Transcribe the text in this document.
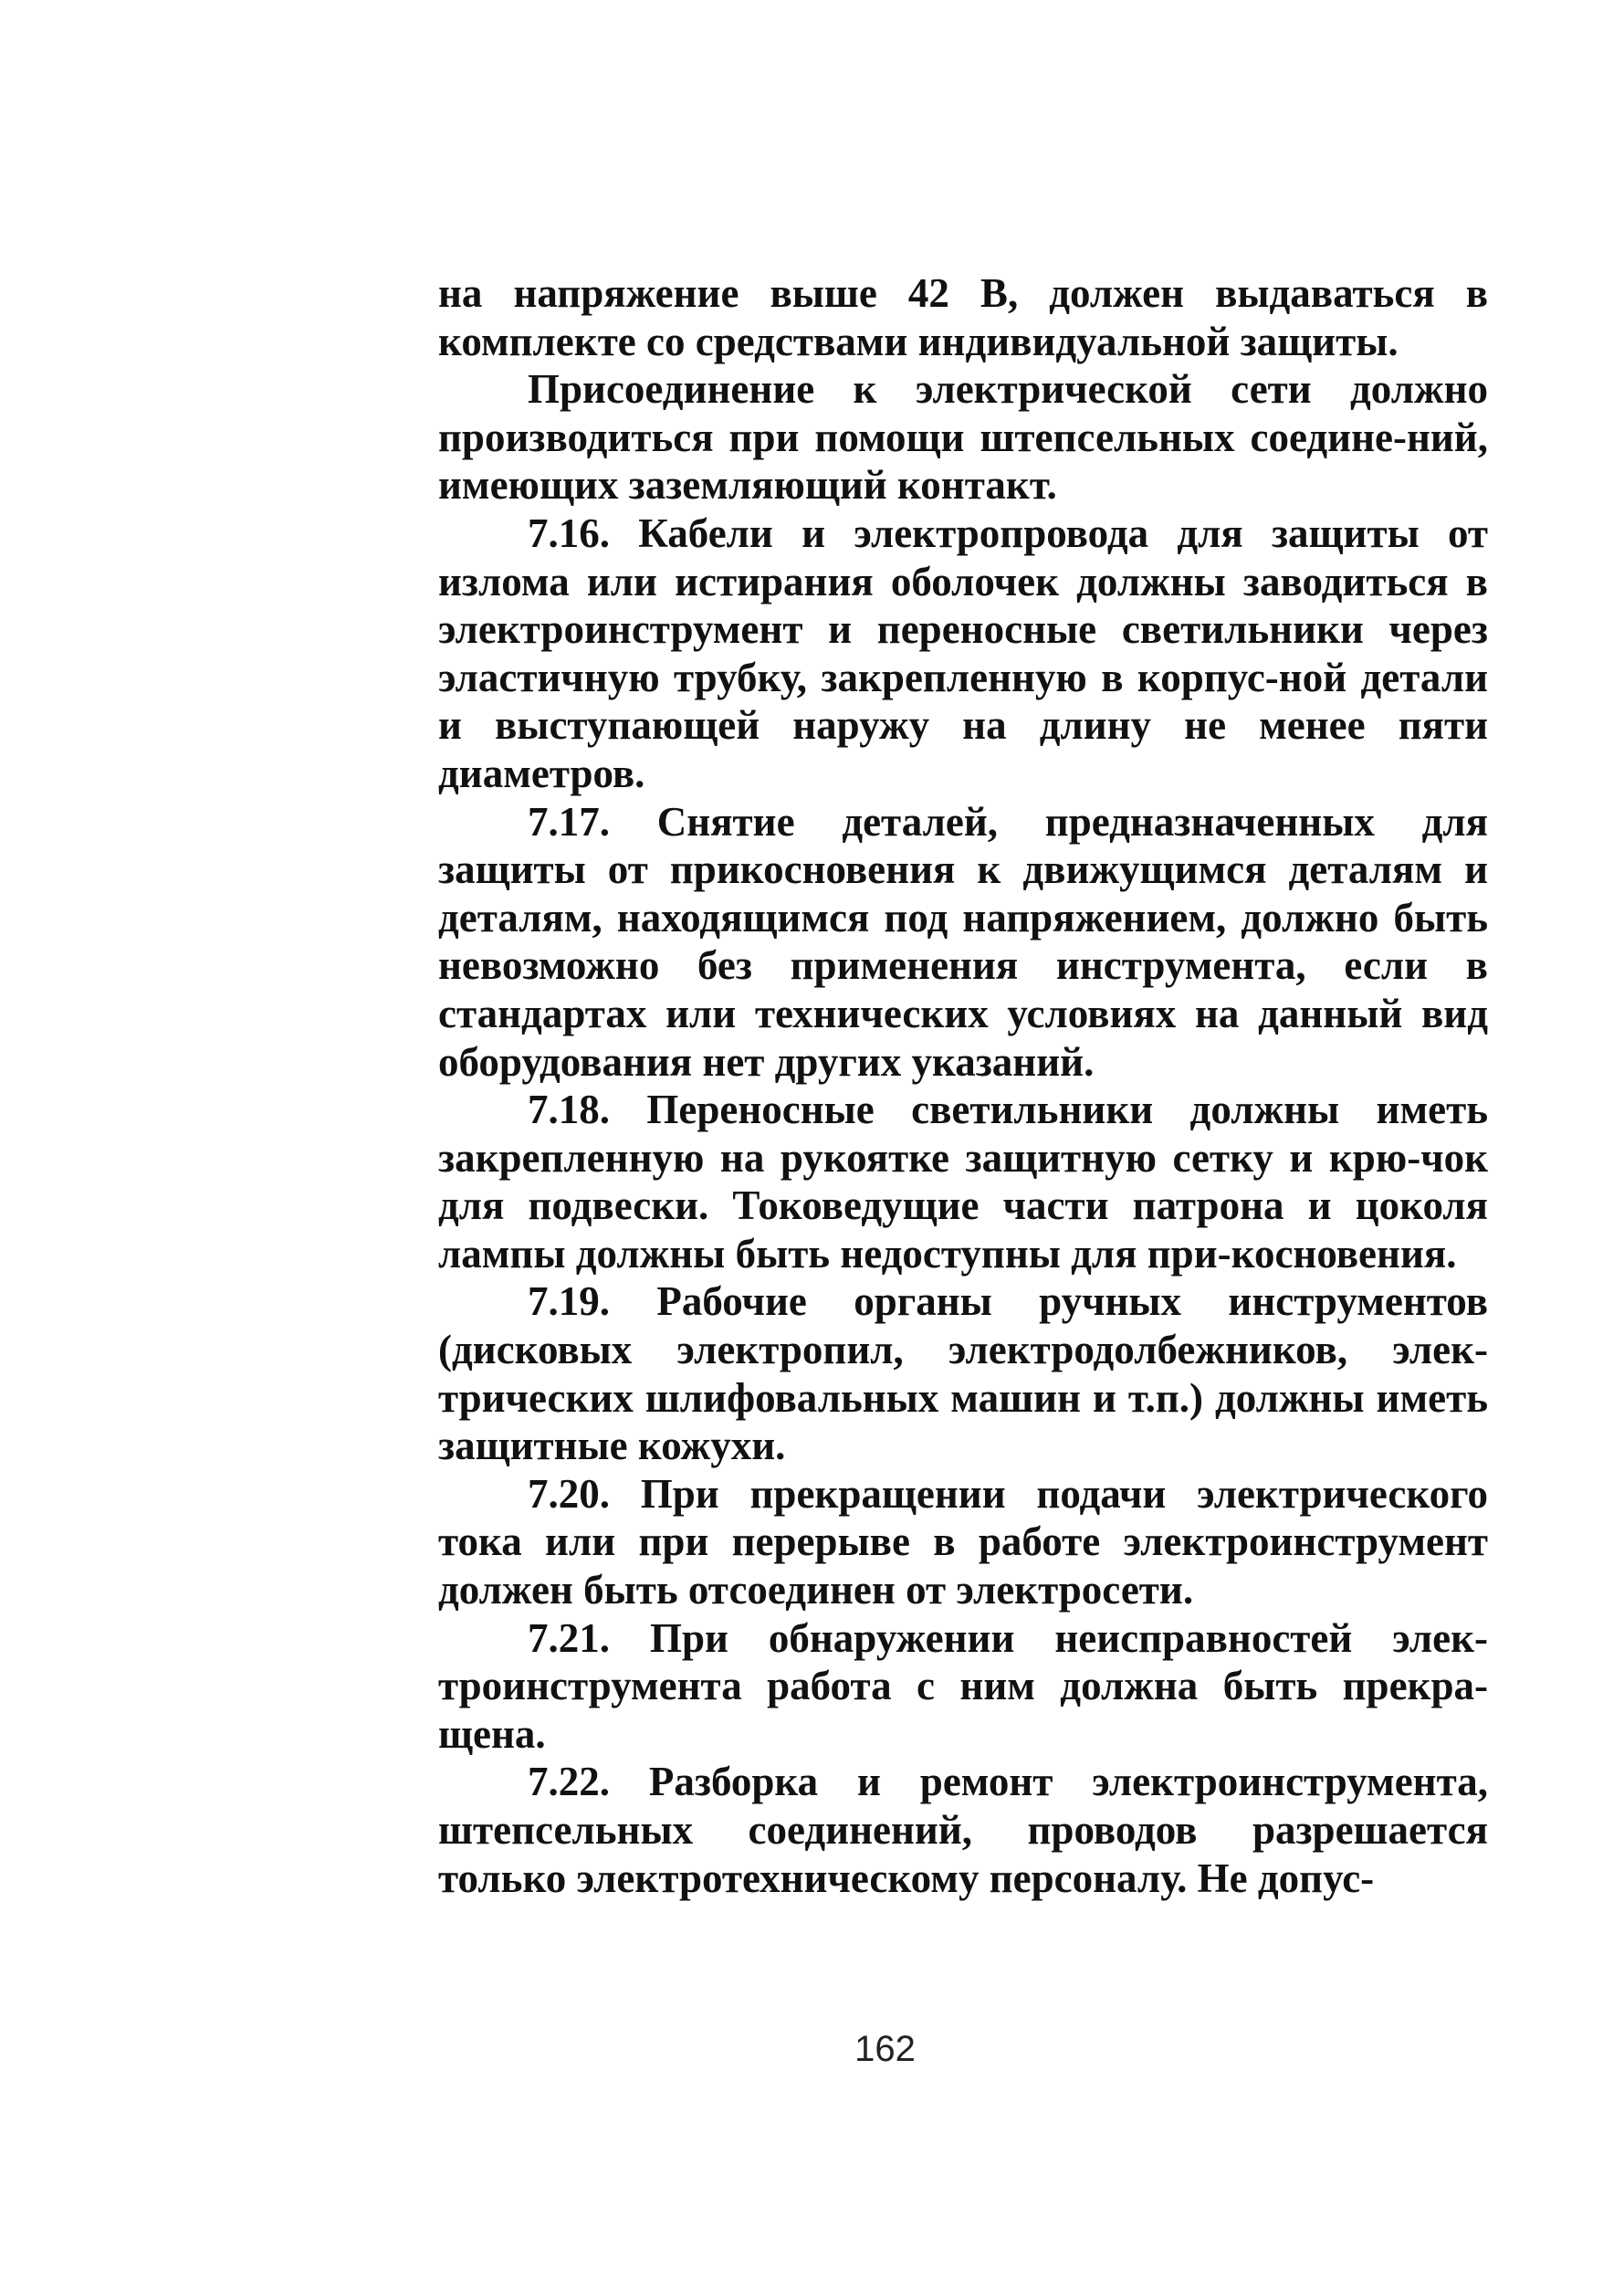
на напряжение выше 42 В, должен выдаваться в комплекте со средствами индивидуальной защиты.

Присоединение к электрической сети должно производиться при помощи штепсельных соедине-ний, имеющих заземляющий контакт.

7.16. Кабели и электропровода для защиты от излома или истирания оболочек должны заводиться в электроинструмент и переносные светильники через эластичную трубку, закрепленную в корпус-ной детали и выступающей наружу на длину не менее пяти диаметров.

7.17. Снятие деталей, предназначенных для защиты от прикосновения к движущимся деталям и деталям, находящимся под напряжением, должно быть невозможно без применения инструмента, если в стандартах или технических условиях на данный вид оборудования нет других указаний.

7.18. Переносные светильники должны иметь закрепленную на рукоятке защитную сетку и крю-чок для подвески. Токоведущие части патрона и цоколя лампы должны быть недоступны для при-косновения.

7.19. Рабочие органы ручных инструментов (дисковых электропил, электродолбежников, элек-трических шлифовальных машин и т.п.) должны иметь защитные кожухи.

7.20. При прекращении подачи электрического тока или при перерыве в работе электроинструмент должен быть отсоединен от электросети.

7.21. При обнаружении неисправностей элек-троинструмента работа с ним должна быть прекра-щена.

7.22. Разборка и ремонт электроинструмента, штепсельных соединений, проводов разрешается только электротехническому персоналу. Не допус-

162
